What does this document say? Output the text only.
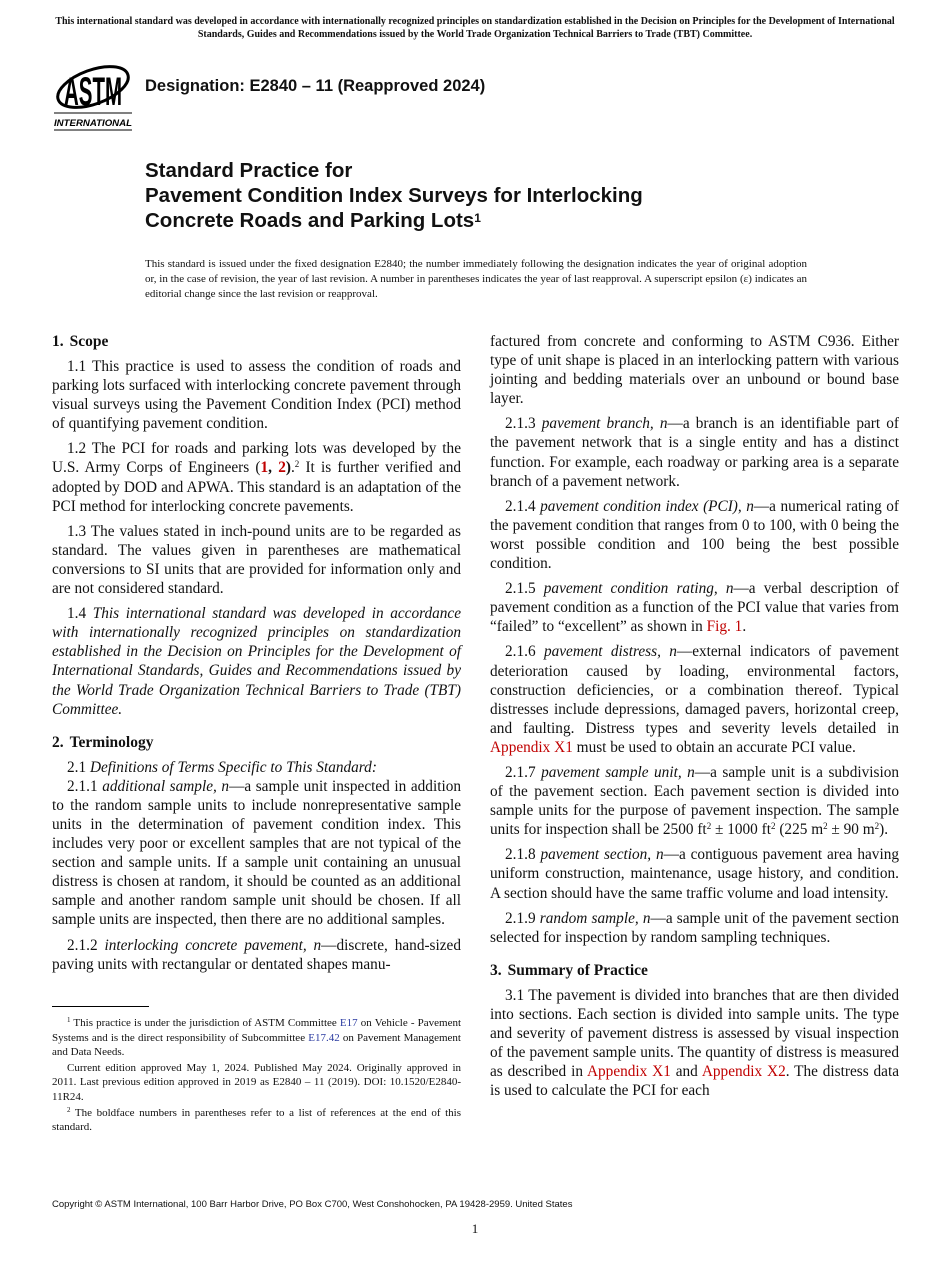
This international standard was developed in accordance with internationally recognized principles on standardization established in the Decision on Principles for the Development of International Standards, Guides and Recommendations issued by the World Trade Organization Technical Barriers to Trade (TBT) Committee.
ASTM
INTERNATIONAL
Designation: E2840 – 11 (Reapproved 2024)
Standard Practice for
Pavement Condition Index Surveys for Interlocking
Concrete Roads and Parking Lots$^1$
This standard is issued under the fixed designation E2840; the number immediately following the designation indicates the year of original adoption or, in the case of revision, the year of last revision. A number in parentheses indicates the year of last reapproval. A superscript epsilon (ε) indicates an editorial change since the last revision or reapproval.
1. Scope

1.1 This practice is used to assess the condition of roads and parking lots surfaced with interlocking concrete pavement through visual surveys using the Pavement Condition Index (PCI) method of quantifying pavement condition.

1.2 The PCI for roads and parking lots was developed by the U.S. Army Corps of Engineers (1, 2).$^2$ It is further verified and adopted by DOD and APWA. This standard is an adaptation of the PCI method for interlocking concrete pavements.

1.3 The values stated in inch-pound units are to be regarded as standard. The values given in parentheses are mathematical conversions to SI units that are provided for information only and are not considered standard.

1.4 This international standard was developed in accordance with internationally recognized principles on standardization established in the Decision on Principles for the Development of International Standards, Guides and Recommendations issued by the World Trade Organization Technical Barriers to Trade (TBT) Committee.

2. Terminology

2.1 Definitions of Terms Specific to This Standard:

2.1.1 additional sample, n—a sample unit inspected in addition to the random sample units to include nonrepresentative sample units in the determination of pavement condition index. This includes very poor or excellent samples that are not typical of the section and sample units. If a sample unit containing an unusual distress is chosen at random, it should be counted as an additional sample and another random sample unit should be chosen. If all sample units are inspected, then there are no additional samples.

2.1.2 interlocking concrete pavement, n—discrete, hand-sized paving units with rectangular or dentated shapes manu-

factured from concrete and conforming to ASTM C936. Either type of unit shape is placed in an interlocking pattern with various jointing and bedding materials over an unbound or bound base layer.

2.1.3 pavement branch, n—a branch is an identifiable part of the pavement network that is a single entity and has a distinct function. For example, each roadway or parking area is a separate branch of a pavement network.

2.1.4 pavement condition index (PCI), n—a numerical rating of the pavement condition that ranges from 0 to 100, with 0 being the worst possible condition and 100 being the best possible condition.

2.1.5 pavement condition rating, n—a verbal description of pavement condition as a function of the PCI value that varies from “failed” to “excellent” as shown in Fig. 1.

2.1.6 pavement distress, n—external indicators of pavement deterioration caused by loading, environmental factors, construction deficiencies, or a combination thereof. Typical distresses include depressions, damaged pavers, horizontal creep, and faulting. Distress types and severity levels detailed in Appendix X1 must be used to obtain an accurate PCI value.

2.1.7 pavement sample unit, n—a sample unit is a subdivision of the pavement section. Each pavement section is divided into sample units for the purpose of pavement inspection. The sample units for inspection shall be 2500 $ft^2 \pm 1000$ $ft^2$ (225 $m^2 \pm 90$ $m^2$).

2.1.8 pavement section, n—a contiguous pavement area having uniform construction, maintenance, usage history, and condition. A section should have the same traffic volume and load intensity.

2.1.9 random sample, n—a sample unit of the pavement section selected for inspection by random sampling techniques.

3. Summary of Practice

3.1 The pavement is divided into branches that are then divided into sections. Each section is divided into sample units. The type and severity of pavement distress is assessed by visual inspection of the pavement sample units. The quantity of distress is measured as described in Appendix X1 and Appendix X2. The distress data is used to calculate the PCI for each

$^1$ This practice is under the jurisdiction of ASTM Committee E17 on Vehicle - Pavement Systems and is the direct responsibility of Subcommittee E17.42 on Pavement Management and Data Needs.

Current edition approved May 1, 2024. Published May 2024. Originally approved in 2011. Last previous edition approved in 2019 as E2840 – 11 (2019). DOI: 10.1520/E2840-11R24.

$^2$ The boldface numbers in parentheses refer to a list of references at the end of this standard.

Copyright © ASTM International, 100 Barr Harbor Drive, PO Box C700, West Conshohocken, PA 19428-2959. United States
1
